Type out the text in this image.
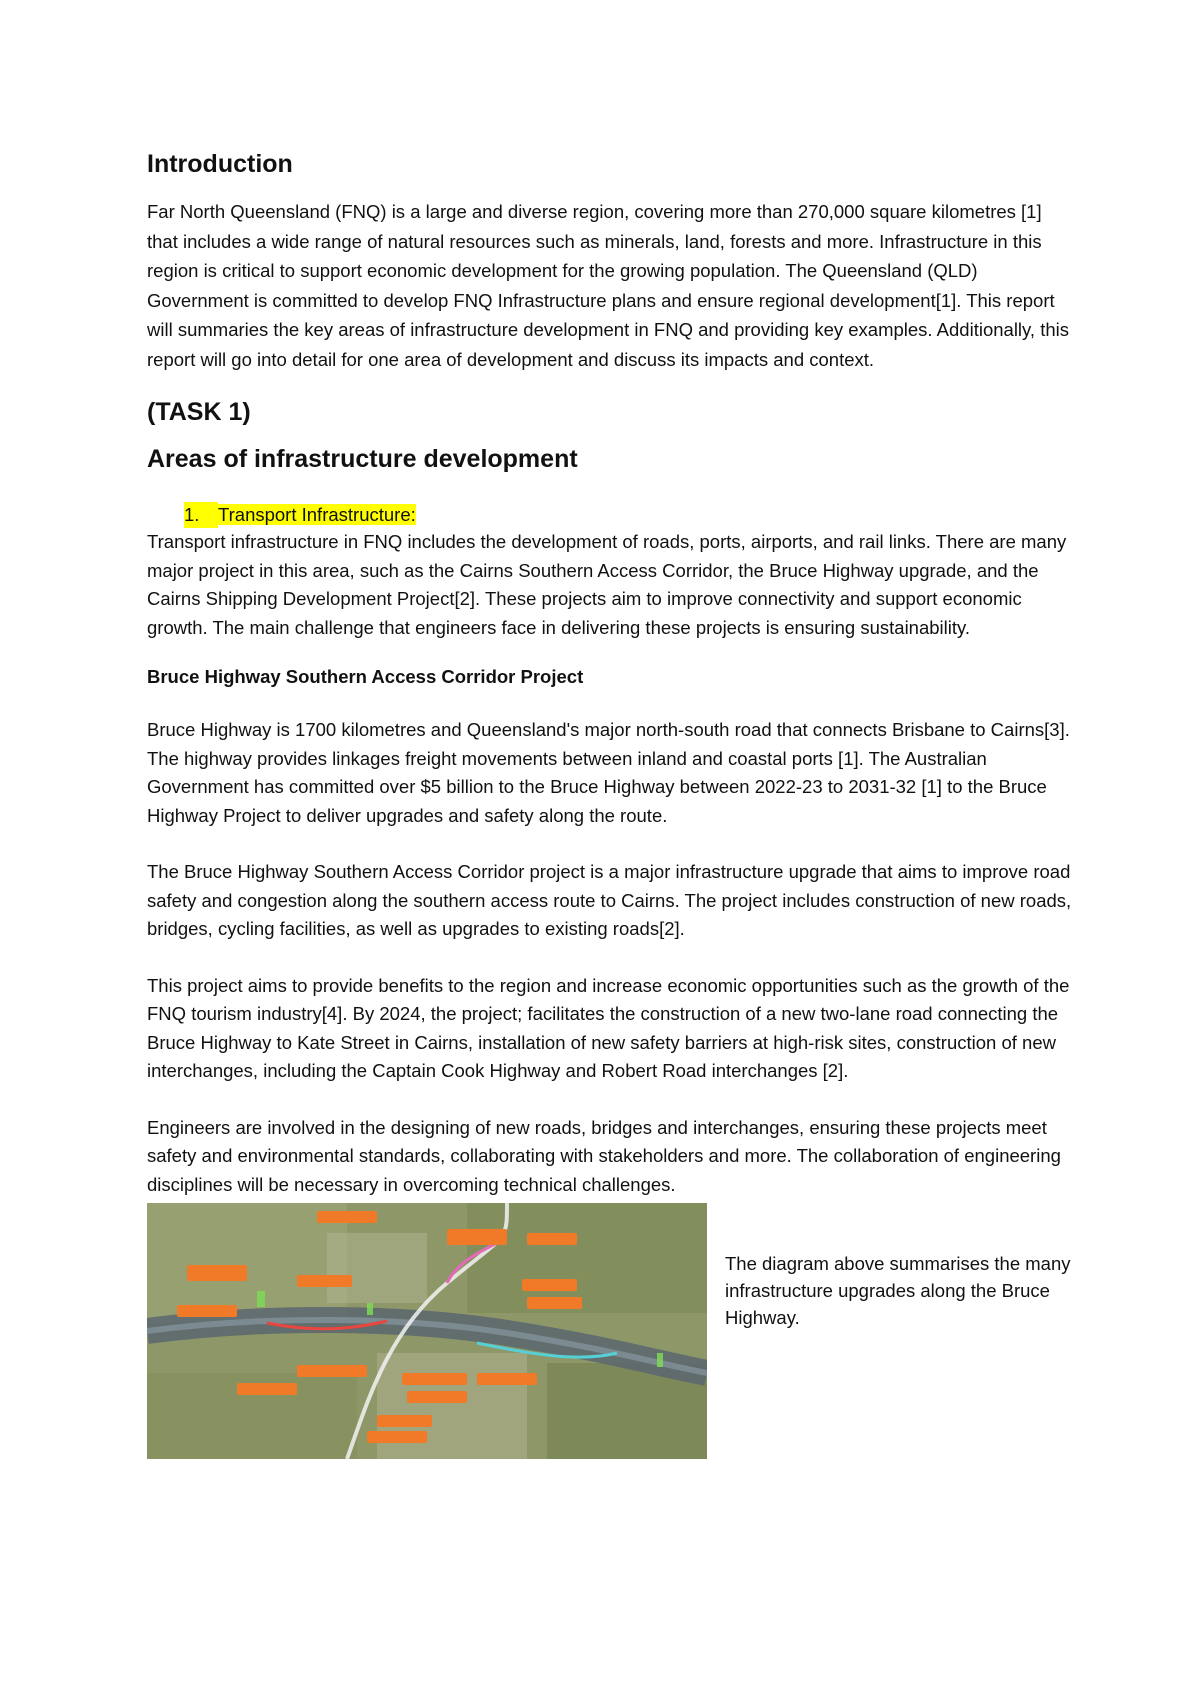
Introduction

Far North Queensland (FNQ) is a large and diverse region, covering more than 270,000 square kilometres [1] that includes a wide range of natural resources such as minerals, land, forests and more. Infrastructure in this region is critical to support economic development for the growing population. The Queensland (QLD) Government is committed to develop FNQ Infrastructure plans and ensure regional development[1]. This report will summaries the key areas of infrastructure development in FNQ and providing key examples. Additionally, this report will go into detail for one area of development and discuss its impacts and context.

(TASK 1)
Areas of infrastructure development
1. Transport Infrastructure:

Transport infrastructure in FNQ includes the development of roads, ports, airports, and rail links. There are many major project in this area, such as the Cairns Southern Access Corridor, the Bruce Highway upgrade, and the Cairns Shipping Development Project[2]. These projects aim to improve connectivity and support economic growth. The main challenge that engineers face in delivering these projects is ensuring sustainability.

Bruce Highway Southern Access Corridor Project

Bruce Highway is 1700 kilometres and Queensland's major north-south road that connects Brisbane to Cairns[3]. The highway provides linkages freight movements between inland and coastal ports [1]. The Australian Government has committed over $5 billion to the Bruce Highway between 2022-23 to 2031-32 [1] to the Bruce Highway Project to deliver upgrades and safety along the route.

The Bruce Highway Southern Access Corridor project is a major infrastructure upgrade that aims to improve road safety and congestion along the southern access route to Cairns. The project includes construction of new roads, bridges, cycling facilities, as well as upgrades to existing roads[2].

This project aims to provide benefits to the region and increase economic opportunities such as the growth of the FNQ tourism industry[4]. By 2024, the project; facilitates the construction of a new two-lane road connecting the Bruce Highway to Kate Street in Cairns, installation of new safety barriers at high-risk sites, construction of new interchanges, including the Captain Cook Highway and Robert Road interchanges [2].

Engineers are involved in the designing of new roads, bridges and interchanges, ensuring these projects meet safety and environmental standards, collaborating with stakeholders and more. The collaboration of engineering disciplines will be necessary in overcoming technical challenges.

The diagram above summarises the many infrastructure upgrades along the Bruce Highway.
